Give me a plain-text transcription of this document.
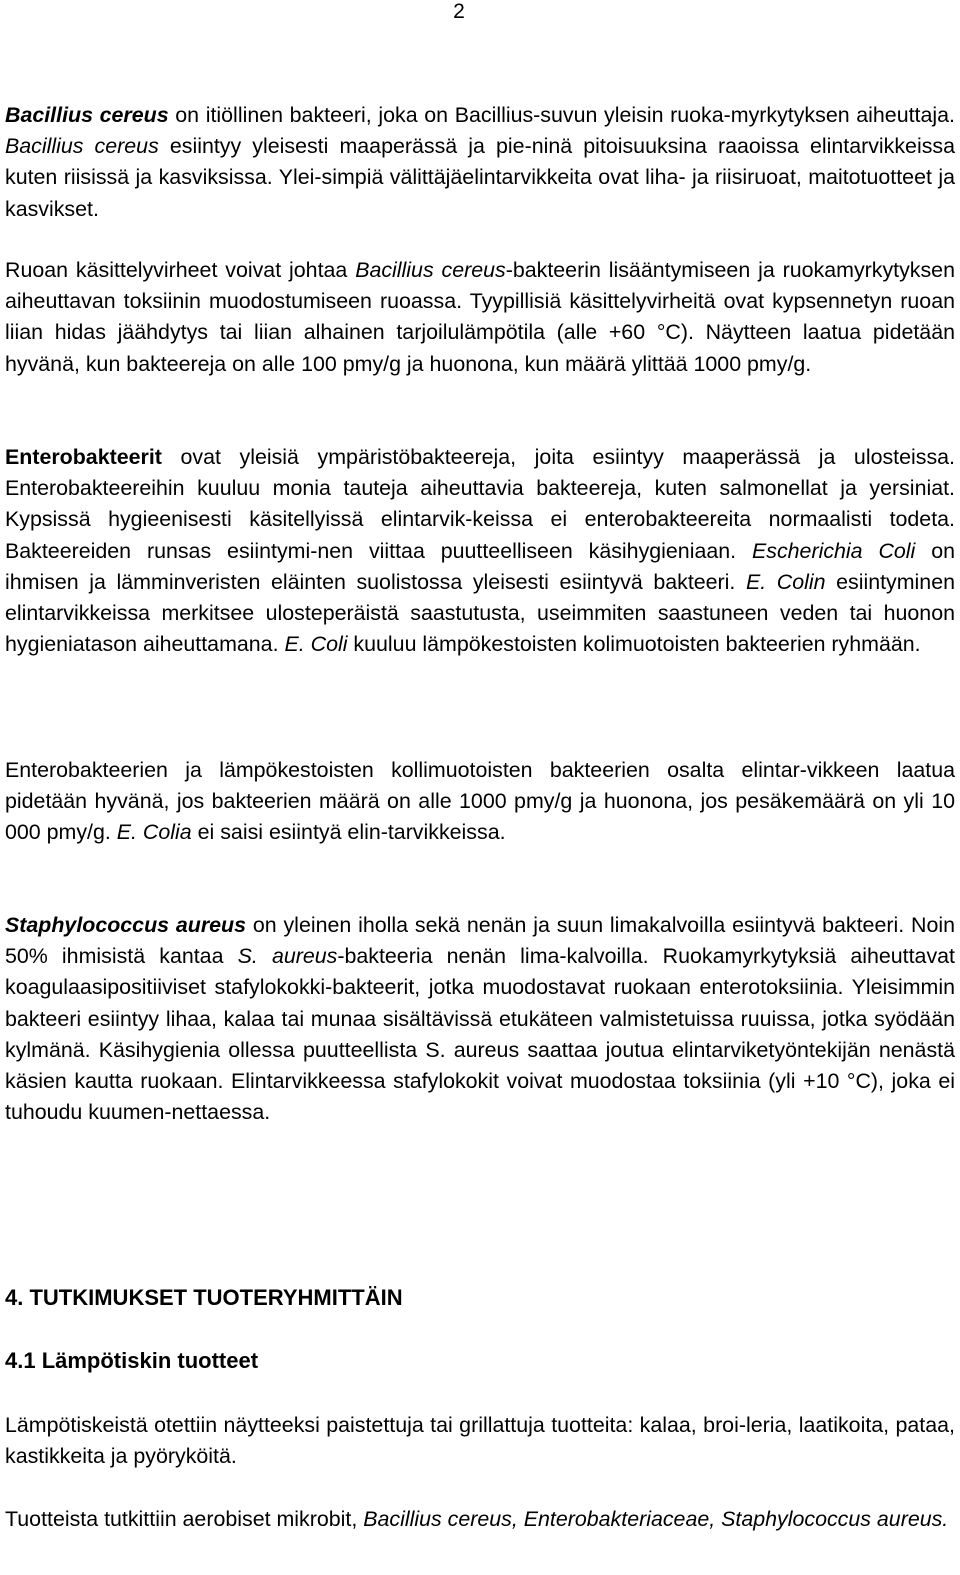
2

Bacillius cereus on itiöllinen bakteeri, joka on Bacillius-suvun yleisin ruoka-myrkytyksen aiheuttaja. Bacillius cereus esiintyy yleisesti maaperässä ja pie-ninä pitoisuuksina raaoissa elintarvikkeissa kuten riisissä ja kasviksissa. Ylei-simpiä välittäjäelintarvikkeita ovat liha- ja riisiruoat, maitotuotteet ja kasvikset.

Ruoan käsittelyvirheet voivat johtaa Bacillius cereus-bakteerin lisääntymiseen ja ruokamyrkytyksen aiheuttavan toksiinin muodostumiseen ruoassa. Tyypillisiä käsittelyvirheitä ovat kypsennetyn ruoan liian hidas jäähdytys tai liian alhainen tarjoilulämpötila (alle +60 °C). Näytteen laatua pidetään hyvänä, kun bakteereja on alle 100 pmy/g ja huonona, kun määrä ylittää 1000 pmy/g.

Enterobakteerit ovat yleisiä ympäristöbakteereja, joita esiintyy maaperässä ja ulosteissa. Enterobakteereihin kuuluu monia tauteja aiheuttavia bakteereja, kuten salmonellat ja yersiniat. Kypsissä hygieenisesti käsitellyissä elintarvik-keissa ei enterobakteereita normaalisti todeta. Bakteereiden runsas esiintymi-nen viittaa puutteelliseen käsihygieniaan. Escherichia Coli on ihmisen ja lämminveristen eläinten suolistossa yleisesti esiintyvä bakteeri. E. Colin esiintyminen elintarvikkeissa merkitsee ulosteperäistä saastutusta, useimmiten saastuneen veden tai huonon hygieniatason aiheuttamana. E. Coli kuuluu lämpökestoisten kolimuotoisten bakteerien ryhmään.

Enterobakteerien ja lämpökestoisten kollimuotoisten bakteerien osalta elintar-vikkeen laatua pidetään hyvänä, jos bakteerien määrä on alle 1000 pmy/g ja huonona, jos pesäkemäärä on yli 10 000 pmy/g. E. Colia ei saisi esiintyä elin-tarvikkeissa.

Staphylococcus aureus on yleinen iholla sekä nenän ja suun limakalvoilla esiintyvä bakteeri. Noin 50% ihmisistä kantaa S. aureus-bakteeria nenän lima-kalvoilla. Ruokamyrkytyksiä aiheuttavat koagulaasipositiiviset stafylokokki-bakteerit, jotka muodostavat ruokaan enterotoksiinia. Yleisimmin bakteeri esiintyy lihaa, kalaa tai munaa sisältävissä etukäteen valmistetuissa ruuissa, jotka syödään kylmänä. Käsihygienia ollessa puutteellista S. aureus saattaa joutua elintarviketyöntekijän nenästä käsien kautta ruokaan. Elintarvikkeessa stafylokokit voivat muodostaa toksiinia (yli +10 °C), joka ei tuhoudu kuumen-nettaessa.

4. TUTKIMUKSET TUOTERYHMITTÄIN
4.1 Lämpötiskin tuotteet

Lämpötiskeistä otettiin näytteeksi paistettuja tai grillattuja tuotteita: kalaa, broi-leria, laatikoita, pataa, kastikkeita ja pyöryköitä.

Tuotteista tutkittiin aerobiset mikrobit, Bacillius cereus, Enterobakteriaceae, Staphylococcus aureus.
